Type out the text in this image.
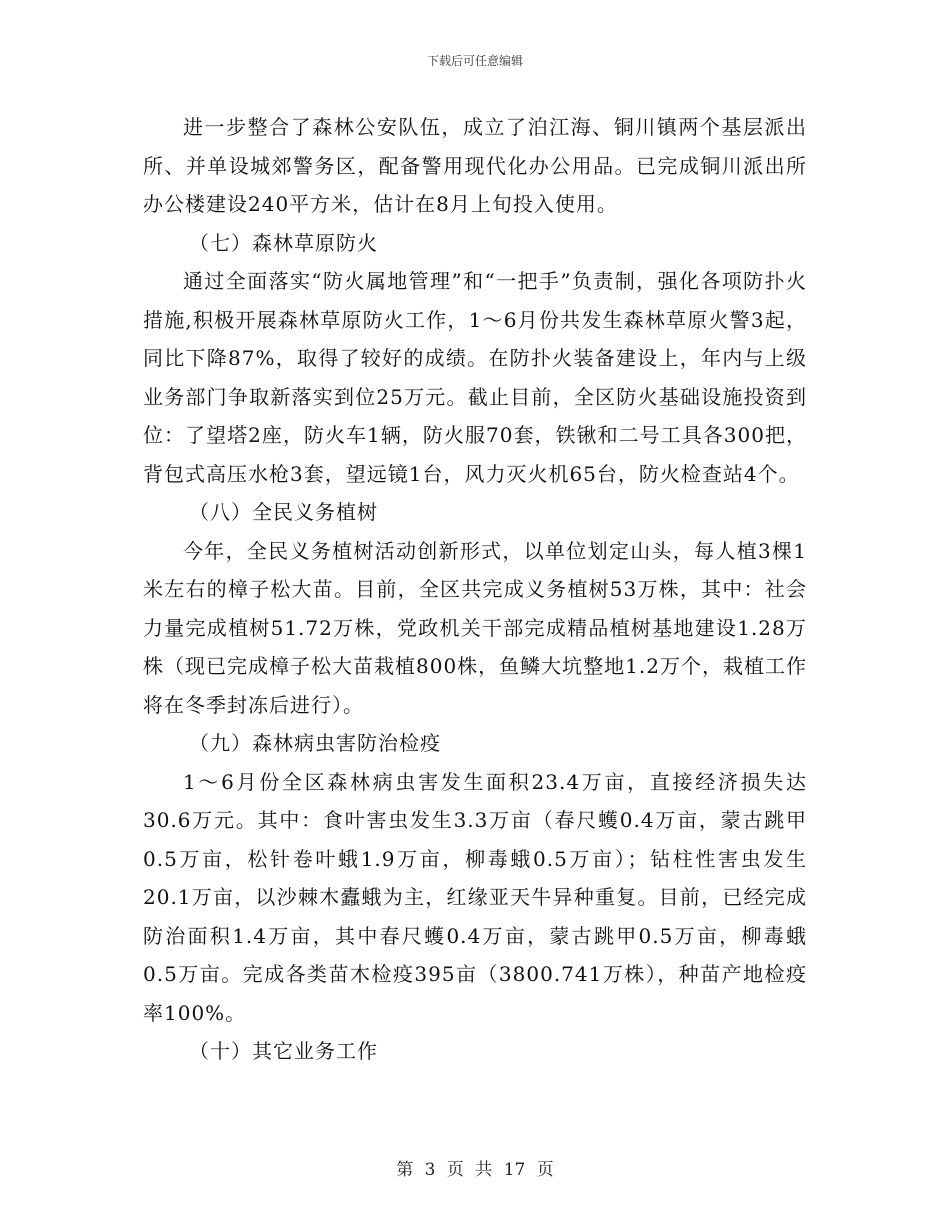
下载后可任意编辑

进一步整合了森林公安队伍，成立了泊江海、铜川镇两个基层派出所、并单设城郊警务区，配备警用现代化办公用品。已完成铜川派出所办公楼建设240平方米，估计在8月上旬投入使用。

（七）森林草原防火

通过全面落实“防火属地管理”和“一把手”负责制，强化各项防扑火措施,积极开展森林草原防火工作，1～6月份共发生森林草原火警3起，同比下降87%，取得了较好的成绩。在防扑火装备建设上，年内与上级业务部门争取新落实到位25万元。截止目前，全区防火基础设施投资到位：了望塔2座，防火车1辆，防火服70套，铁锹和二号工具各300把，背包式高压水枪3套，望远镜1台，风力灭火机65台，防火检查站4个。

（八）全民义务植树

今年，全民义务植树活动创新形式，以单位划定山头，每人植3棵1米左右的樟子松大苗。目前，全区共完成义务植树53万株，其中：社会力量完成植树51.72万株，党政机关干部完成精品植树基地建设1.28万株（现已完成樟子松大苗栽植800株，鱼鳞大坑整地1.2万个，栽植工作将在冬季封冻后进行）。

（九）森林病虫害防治检疫

1～6月份全区森林病虫害发生面积23.4万亩，直接经济损失达30.6万元。其中：食叶害虫发生3.3万亩（春尺蠖0.4万亩，蒙古跳甲0.5万亩，松针卷叶蛾1.9万亩，柳毒蛾0.5万亩）；钻柱性害虫发生20.1万亩，以沙棘木蠹蛾为主，红缘亚天牛异种重复。目前，已经完成防治面积1.4万亩，其中春尺蠖0.4万亩，蒙古跳甲0.5万亩，柳毒蛾0.5万亩。完成各类苗木检疫395亩（3800.741万株），种苗产地检疫率100%。

（十）其它业务工作

第 3 页 共 17 页
